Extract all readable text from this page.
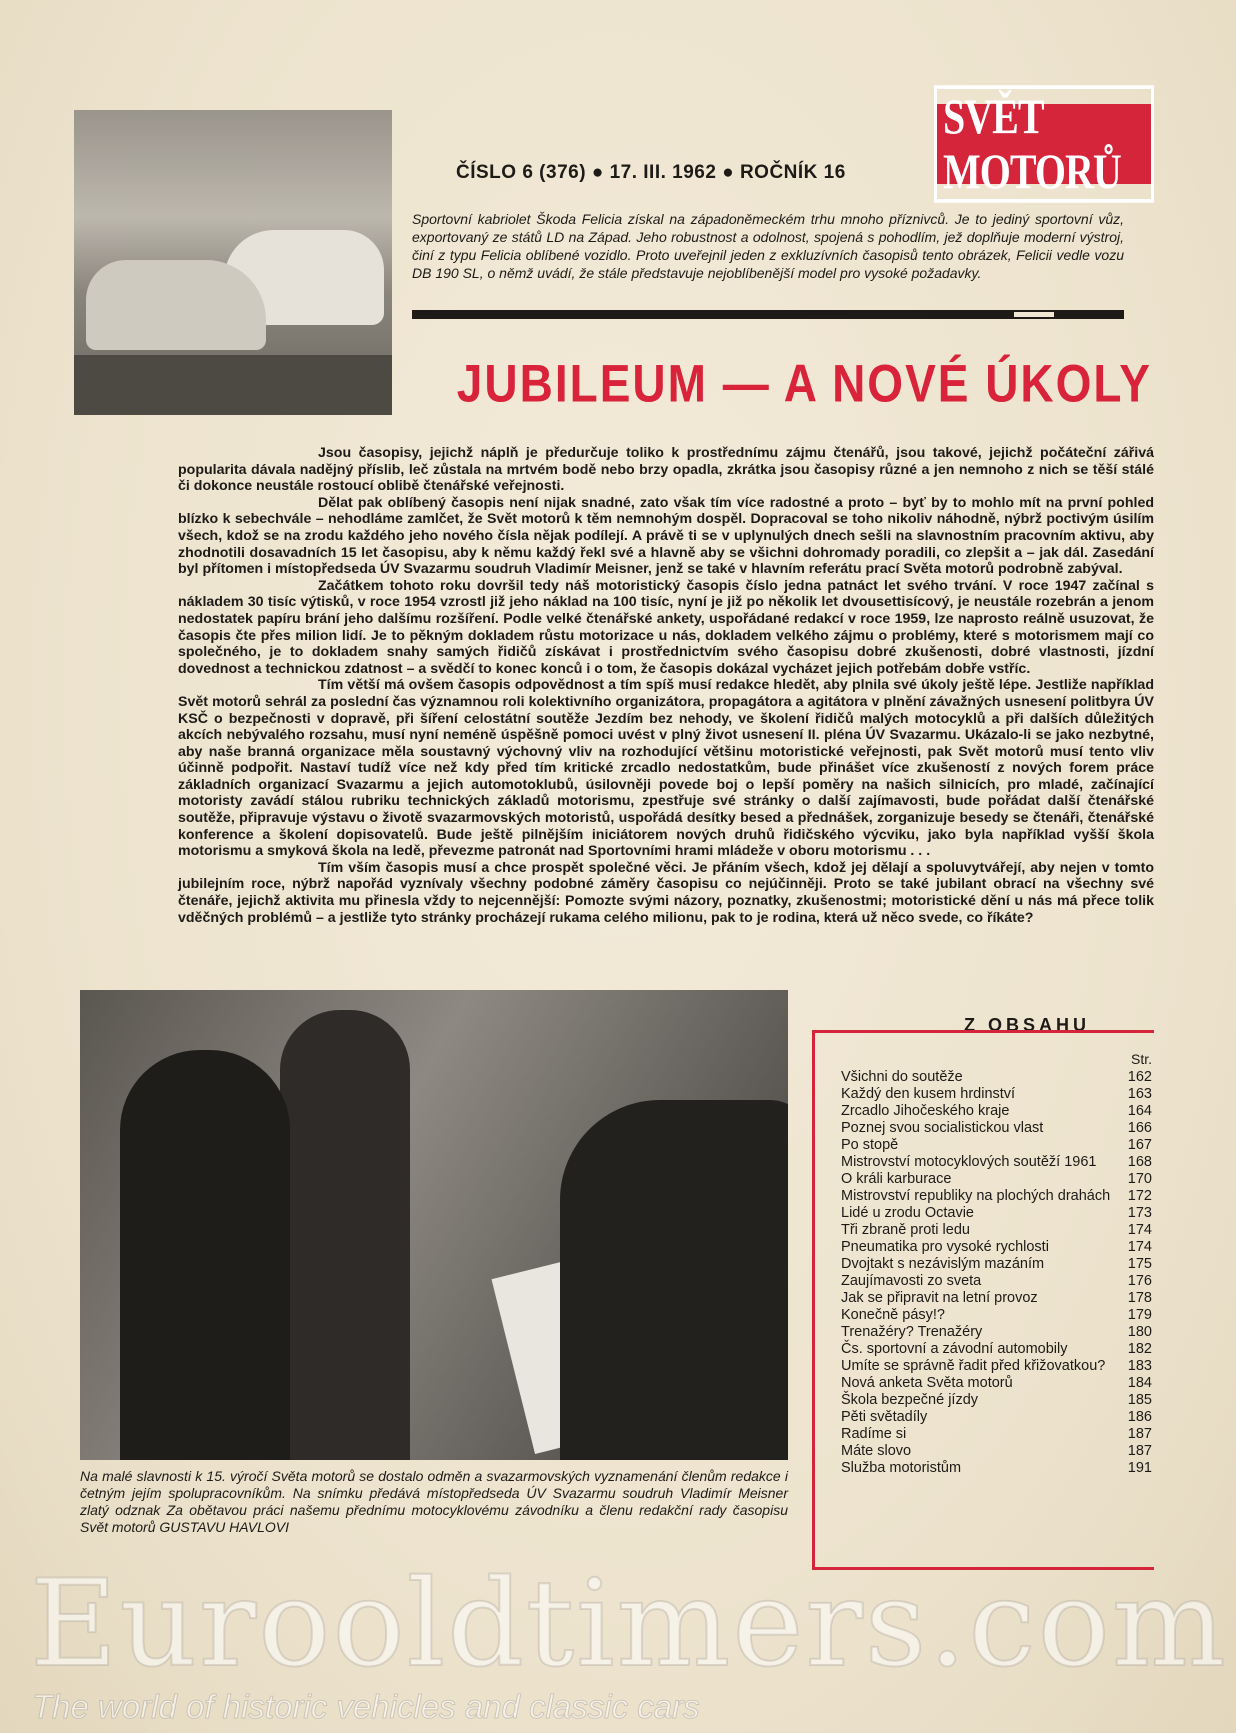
SVĚT MOTORŮ
ČÍSLO 6 (376) ● 17. III. 1962 ● ROČNÍK 16
Sportovní kabriolet Škoda Felicia získal na západoněmeckém trhu mnoho příznivců. Je to jediný sportovní vůz, exportovaný ze států LD na Západ. Jeho robustnost a odolnost, spojená s pohodlím, jež doplňuje moderní výstroj, činí z typu Felicia oblíbené vozidlo. Proto uveřejnil jeden z exkluzívních časopisů tento obrázek, Felicii vedle vozu DB 190 SL, o němž uvádí, že stále představuje nejoblíbenější model pro vysoké požadavky.
JUBILEUM — A NOVÉ ÚKOLY

Jsou časopisy, jejichž náplň je předurčuje toliko k prostřednímu zájmu čtenářů, jsou takové, jejichž počáteční zářivá popularita dávala nadějný příslib, leč zůstala na mrtvém bodě nebo brzy opadla, zkrátka jsou časopisy různé a jen nemnoho z nich se těší stálé či dokonce neustále rostoucí oblibě čtenářské veřejnosti.

Dělat pak oblíbený časopis není nijak snadné, zato však tím více radostné a proto – byť by to mohlo mít na první pohled blízko k sebechvále – nehodláme zamlčet, že Svět motorů k těm nemnohým dospěl. Dopracoval se toho nikoliv náhodně, nýbrž poctivým úsilím všech, kdož se na zrodu každého jeho nového čísla nějak podílejí. A právě ti se v uplynulých dnech sešli na slavnostním pracovním aktivu, aby zhodnotili dosavadních 15 let časopisu, aby k němu každý řekl své a hlavně aby se všichni dohromady poradili, co zlepšit a – jak dál. Zasedání byl přítomen i místopředseda ÚV Svazarmu soudruh Vladimír Meisner, jenž se také v hlavním referátu prací Světa motorů podrobně zabýval.

Začátkem tohoto roku dovršil tedy náš motoristický časopis číslo jedna patnáct let svého trvání. V roce 1947 začínal s nákladem 30 tisíc výtisků, v roce 1954 vzrostl již jeho náklad na 100 tisíc, nyní je již po několik let dvousettisícový, je neustále rozebrán a jenom nedostatek papíru brání jeho dalšímu rozšíření. Podle velké čtenářské ankety, uspořádané redakcí v roce 1959, lze naprosto reálně usuzovat, že časopis čte přes milion lidí. Je to pěkným dokladem růstu motorizace u nás, dokladem velkého zájmu o problémy, které s motorismem mají co společného, je to dokladem snahy samých řidičů získávat i prostřednictvím svého časopisu dobré zkušenosti, dobré vlastnosti, jízdní dovednost a technickou zdatnost – a svědčí to konec konců i o tom, že časopis dokázal vycházet jejich potřebám dobře vstříc.

Tím větší má ovšem časopis odpovědnost a tím spíš musí redakce hledět, aby plnila své úkoly ještě lépe. Jestliže například Svět motorů sehrál za poslední čas významnou roli kolektivního organizátora, propagátora a agitátora v plnění závažných usnesení politbyra ÚV KSČ o bezpečnosti v dopravě, při šíření celostátní soutěže Jezdím bez nehody, ve školení řidičů malých motocyklů a při dalších důležitých akcích nebývalého rozsahu, musí nyní neméně úspěšně pomoci uvést v plný život usnesení II. pléna ÚV Svazarmu. Ukázalo-li se jako nezbytné, aby naše branná organizace měla soustavný výchovný vliv na rozhodující většinu motoristické veřejnosti, pak Svět motorů musí tento vliv účinně podpořit. Nastaví tudíž více než kdy před tím kritické zrcadlo nedostatkům, bude přinášet více zkušeností z nových forem práce základních organizací Svazarmu a jejich automotoklubů, úsilovněji povede boj o lepší poměry na našich silnicích, pro mladé, začínající motoristy zavádí stálou rubriku technických základů motorismu, zpestřuje své stránky o další zajímavosti, bude pořádat další čtenářské soutěže, připravuje výstavu o životě svazarmovských motoristů, uspořádá desítky besed a přednášek, zorganizuje besedy se čtenáři, čtenářské konference a školení dopisovatelů. Bude ještě pilnějším iniciátorem nových druhů řidičského výcviku, jako byla například vyšší škola motorismu a smyková škola na ledě, převezme patronát nad Sportovními hrami mládeže v oboru motorismu . . .

Tím vším časopis musí a chce prospět společné věci. Je přáním všech, kdož jej dělají a spoluvytvářejí, aby nejen v tomto jubilejním roce, nýbrž napořád vyznívaly všechny podobné záměry časopisu co nejúčinněji. Proto se také jubilant obrací na všechny své čtenáře, jejichž aktivita mu přinesla vždy to nejcennější: Pomozte svými názory, poznatky, zkušenostmi; motoristické dění u nás má přece tolik vděčných problémů – a jestliže tyto stránky procházejí rukama celého milionu, pak to je rodina, která už něco svede, co říkáte?

Na malé slavnosti k 15. výročí Světa motorů se dostalo odměn a svazarmovských vyznamenání členům redakce i četným jejím spolupracovníkům. Na snímku předává místopředseda ÚV Svazarmu soudruh Vladimír Meisner zlatý odznak Za obětavou práci našemu přednímu motocyklovému závodníku a členu redakční rady časopisu Svět motorů GUSTAVU HAVLOVI
Z OBSAHU
Str.
Všichni do soutěže	162
Každý den kusem hrdinství	163
Zrcadlo Jihočeského kraje	164
Poznej svou socialistickou vlast	166
Po stopě	167
Mistrovství motocyklových soutěží 1961	168
O králi karburace	170
Mistrovství republiky na plochých drahách	172
Lidé u zrodu Octavie	173
Tři zbraně proti ledu	174
Pneumatika pro vysoké rychlosti	174
Dvojtakt s nezávislým mazáním	175
Zaujímavosti zo sveta	176
Jak se připravit na letní provoz	178
Konečně pásy!?	179
Trenažéry? Trenažéry	180
Čs. sportovní a závodní automobily	182
Umíte se správně řadit před křižovatkou?	183
Nová anketa Světa motorů	184
Škola bezpečné jízdy	185
Pěti světadíly	186
Radíme si	187
Máte slovo	187
Služba motoristům	191
Eurooldtimers.com
The world of historic vehicles and classic cars
